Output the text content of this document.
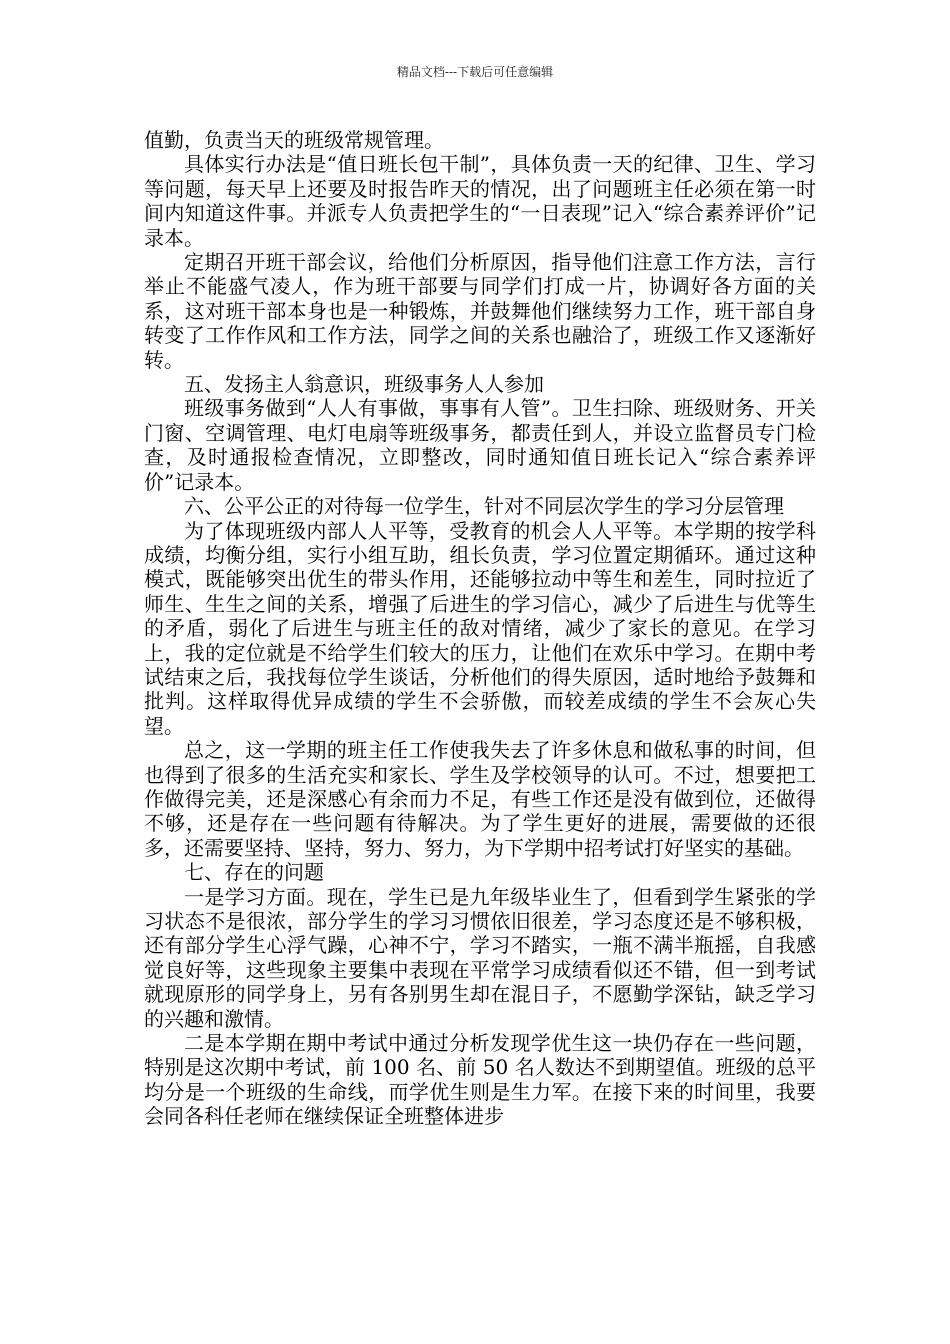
精品文档---下载后可任意编辑

值勤，负责当天的班级常规管理。

具体实行办法是“值日班长包干制”，具体负责一天的纪律、卫生、学习等问题，每天早上还要及时报告昨天的情况，出了问题班主任必须在第一时间内知道这件事。并派专人负责把学生的“一日表现”记入“综合素养评价”记录本。

定期召开班干部会议，给他们分析原因，指导他们注意工作方法，言行举止不能盛气凌人，作为班干部要与同学们打成一片，协调好各方面的关系，这对班干部本身也是一种锻炼，并鼓舞他们继续努力工作，班干部自身转变了工作作风和工作方法，同学之间的关系也融洽了，班级工作又逐渐好转。

五、发扬主人翁意识，班级事务人人参加

班级事务做到“人人有事做，事事有人管”。卫生扫除、班级财务、开关门窗、空调管理、电灯电扇等班级事务，都责任到人，并设立监督员专门检查，及时通报检查情况，立即整改，同时通知值日班长记入“综合素养评价”记录本。

六、公平公正的对待每一位学生，针对不同层次学生的学习分层管理

为了体现班级内部人人平等，受教育的机会人人平等。本学期的按学科成绩，均衡分组，实行小组互助，组长负责，学习位置定期循环。通过这种模式，既能够突出优生的带头作用，还能够拉动中等生和差生，同时拉近了师生、生生之间的关系，增强了后进生的学习信心，减少了后进生与优等生的矛盾，弱化了后进生与班主任的敌对情绪，减少了家长的意见。在学习上，我的定位就是不给学生们较大的压力，让他们在欢乐中学习。在期中考试结束之后，我找每位学生谈话，分析他们的得失原因，适时地给予鼓舞和批判。这样取得优异成绩的学生不会骄傲，而较差成绩的学生不会灰心失望。

总之，这一学期的班主任工作使我失去了许多休息和做私事的时间，但也得到了很多的生活充实和家长、学生及学校领导的认可。不过，想要把工作做得完美，还是深感心有余而力不足，有些工作还是没有做到位，还做得不够，还是存在一些问题有待解决。为了学生更好的进展，需要做的还很多，还需要坚持、坚持，努力、努力，为下学期中招考试打好坚实的基础。

七、存在的问题

一是学习方面。现在，学生已是九年级毕业生了，但看到学生紧张的学习状态不是很浓，部分学生的学习习惯依旧很差，学习态度还是不够积极，还有部分学生心浮气躁，心神不宁，学习不踏实，一瓶不满半瓶摇，自我感觉良好等，这些现象主要集中表现在平常学习成绩看似还不错，但一到考试就现原形的同学身上，另有各别男生却在混日子，不愿勤学深钻，缺乏学习的兴趣和激情。

二是本学期在期中考试中通过分析发现学优生这一块仍存在一些问题，特别是这次期中考试，前 100 名、前 50 名人数达不到期望值。班级的总平均分是一个班级的生命线，而学优生则是生力军。在接下来的时间里，我要会同各科任老师在继续保证全班整体进步
